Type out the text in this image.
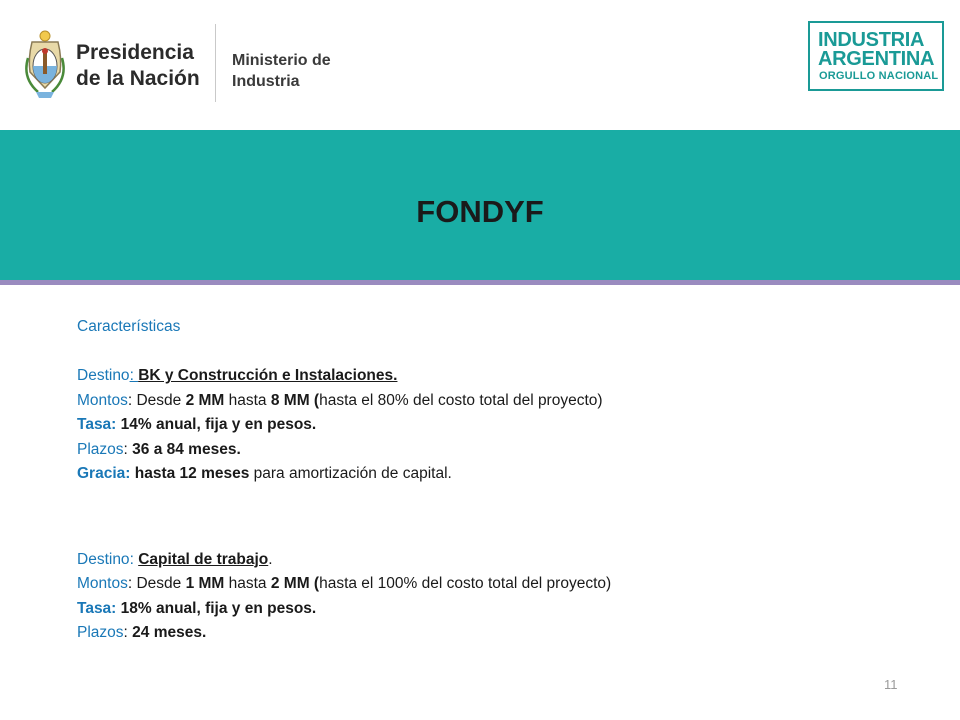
Presidencia
de la Nación
Ministerio de
Industria
INDUSTRIA
ARGENTINA
ORGULLO NACIONAL
FONDYF
Características
Destino: BK y Construcción e Instalaciones.
Montos: Desde 2 MM hasta 8 MM (hasta el 80% del costo total del proyecto)
Tasa: 14% anual, fija y en pesos.
Plazos: 36 a 84 meses.
Gracia: hasta 12 meses para amortización de capital.
Destino: Capital de trabajo.
Montos: Desde 1 MM hasta 2 MM (hasta el 100% del costo total del proyecto)
Tasa: 18% anual, fija y en pesos.
Plazos: 24 meses.
11
